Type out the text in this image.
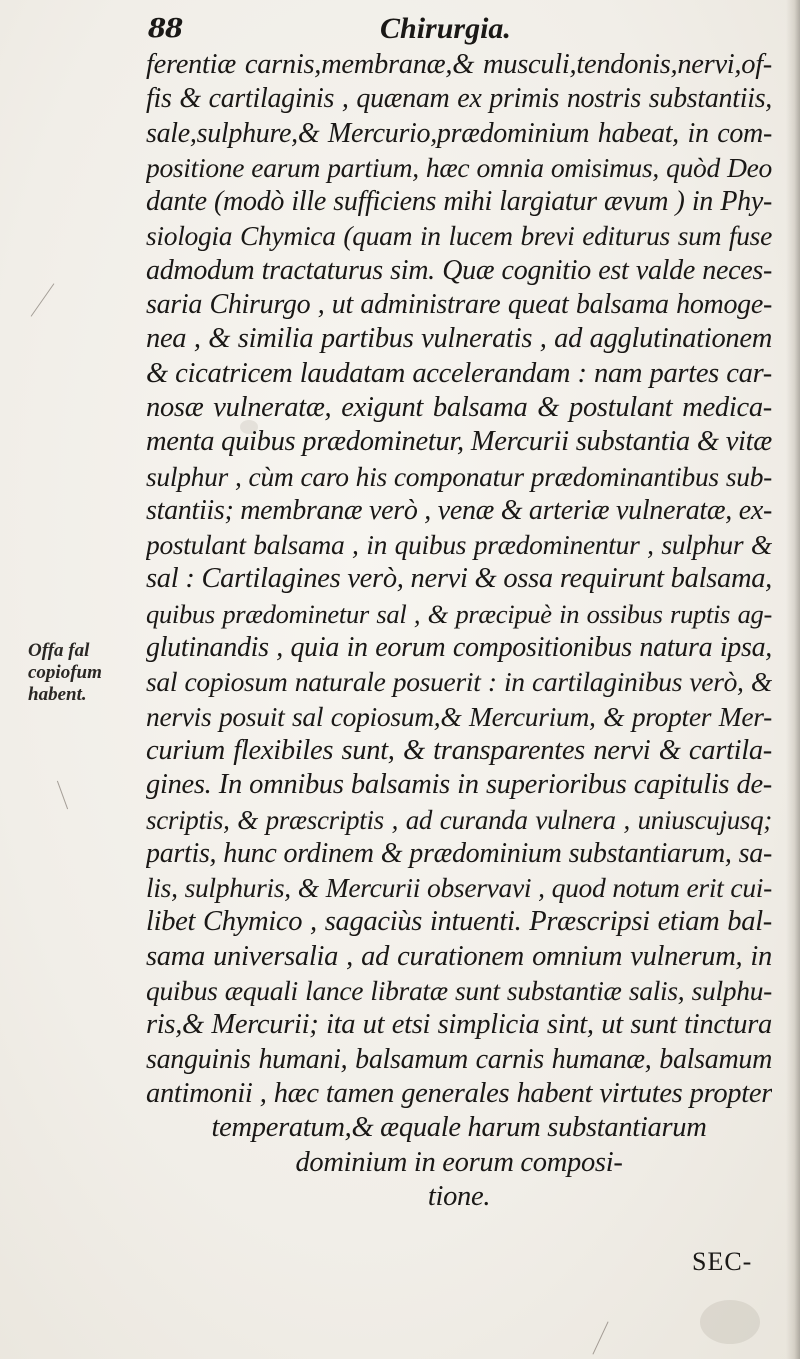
88	Chirurgia.
Offa fal
copiofum
habent.
ferentiæ carnis,membranæ,& musculi,tendonis,nervi,of-
fis & cartilaginis , quænam ex primis nostris substantiis,
sale,sulphure,& Mercurio,prædominium habeat, in com-
positione earum partium, hæc omnia omisimus, quòd Deo
dante (modò ille sufficiens mihi largiatur ævum ) in Phy-
siologia Chymica (quam in lucem brevi editurus sum fuse
admodum tractaturus sim. Quæ cognitio est valde neces-
saria Chirurgo , ut administrare queat balsama homoge-
nea , & similia partibus vulneratis , ad agglutinationem
& cicatricem laudatam accelerandam : nam partes car-
nosæ vulneratæ, exigunt balsama & postulant medica-
menta quibus prædominetur, Mercurii substantia & vitæ
sulphur , cùm caro his componatur prædominantibus sub-
stantiis; membranæ verò , venæ & arteriæ vulneratæ, ex-
postulant balsama , in quibus prædominentur , sulphur &
sal : Cartilagines verò, nervi & ossa requirunt balsama,
quibus prædominetur sal , & præcipuè in ossibus ruptis ag-
glutinandis , quia in eorum compositionibus natura ipsa,
sal copiosum naturale posuerit : in cartilaginibus verò, &
nervis posuit sal copiosum,& Mercurium, & propter Mer-
curium flexibiles sunt, & transparentes nervi & cartila-
gines. In omnibus balsamis in superioribus capitulis de-
scriptis, & præscriptis , ad curanda vulnera , uniuscujusq;
partis, hunc ordinem & prædominium substantiarum, sa-
lis, sulphuris, & Mercurii observavi , quod notum erit cui-
libet Chymico , sagaciùs intuenti. Præscripsi etiam bal-
sama universalia , ad curationem omnium vulnerum, in
quibus æquali lance libratæ sunt substantiæ salis, sulphu-
ris,& Mercurii; ita ut etsi simplicia sint, ut sunt tinctura
sanguinis humani, balsamum carnis humanæ, balsamum
antimonii , hæc tamen generales habent virtutes propter
temperatum,& æquale harum substantiarum
dominium in eorum composi-
tione.
SEC-
